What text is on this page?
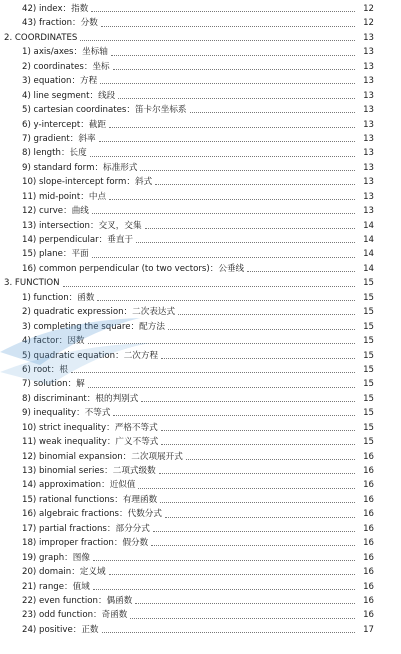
42) index：指数	12
43) fraction：分数	12
2. COORDINATES	13
1) axis/axes：坐标轴	13
2) coordinates：坐标	13
3) equation：方程	13
4) line segment：线段	13
5) cartesian coordinates：笛卡尔坐标系	13
6) y-intercept：截距	13
7) gradient：斜率	13
8) length：长度	13
9) standard form：标准形式	13
10) slope-intercept form：斜式	13
11) mid-point：中点	13
12) curve：曲线	13
13) intersection：交叉，交集	14
14) perpendicular：垂直于	14
15) plane：平面	14
16) common perpendicular (to two vectors)：公垂线	14
3. FUNCTION	15
1) function：函数	15
2) quadratic expression：二次表达式	15
3) completing the square：配方法	15
4) factor：因数	15
5) quadratic equation：二次方程	15
6) root：根	15
7) solution：解	15
8) discriminant：根的判别式	15
9) inequality：不等式	15
10) strict inequality：严格不等式	15
11) weak inequality：广义不等式	15
12) binomial expansion：二次项展开式	16
13) binomial series：二项式级数	16
14) approximation：近似值	16
15) rational functions：有理函数	16
16) algebraic fractions：代数分式	16
17) partial fractions：部分分式	16
18) improper fraction：假分数	16
19) graph：图像	16
20) domain：定义域	16
21) range：值域	16
22) even function：偶函数	16
23) odd function：奇函数	16
24) positive：正数	17
